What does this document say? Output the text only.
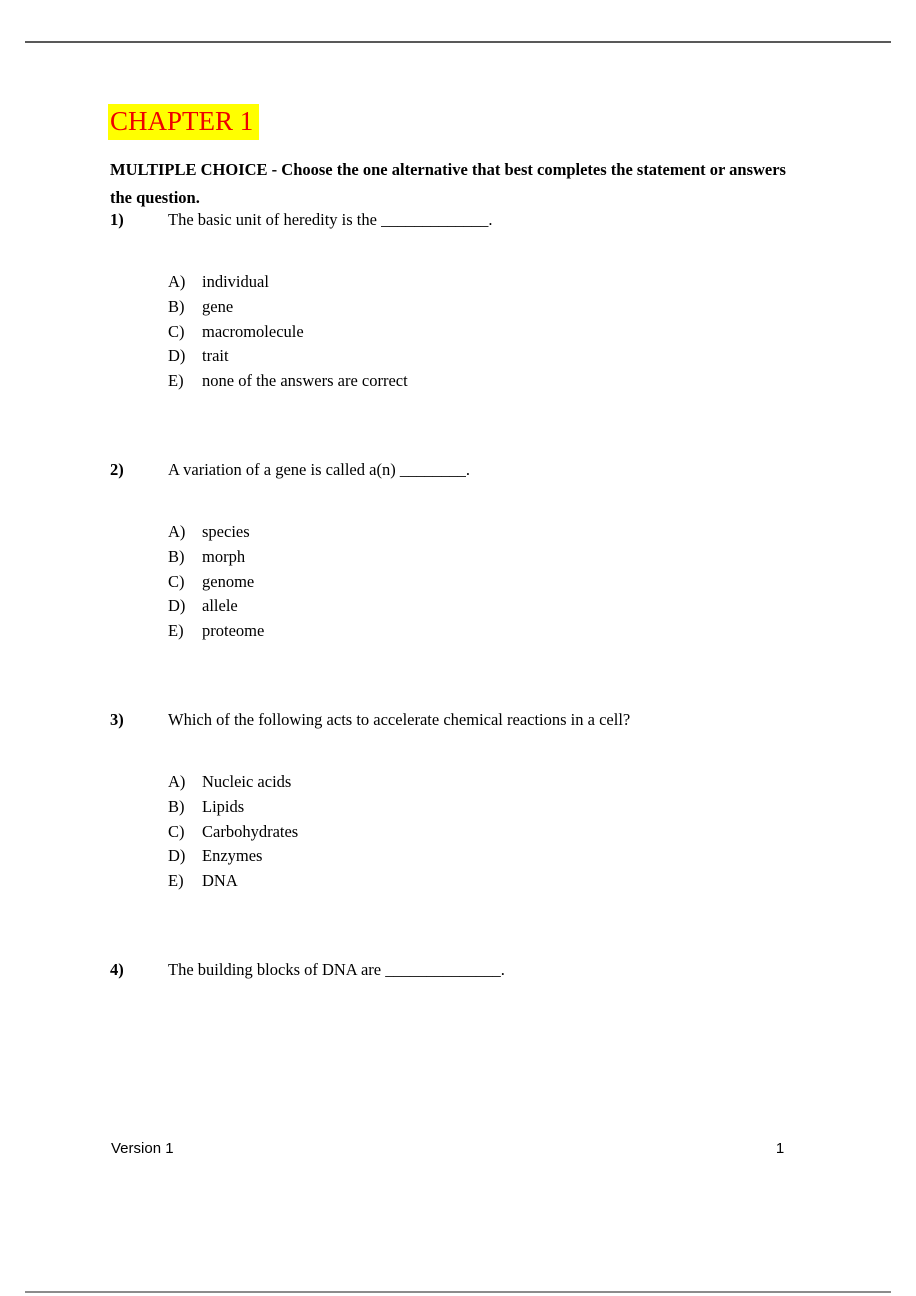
CHAPTER 1

MULTIPLE CHOICE - Choose the one alternative that best completes the statement or answers the question.

1)	The basic unit of heredity is the _____________.
A) individual
B) gene
C) macromolecule
D) trait
E) none of the answers are correct
2)	A variation of a gene is called a(n) ________.
A) species
B) morph
C) genome
D) allele
E) proteome
3)	Which of the following acts to accelerate chemical reactions in a cell?
A) Nucleic acids
B) Lipids
C) Carbohydrates
D) Enzymes
E) DNA
4)	The building blocks of DNA are ______________.
Version 1	1
